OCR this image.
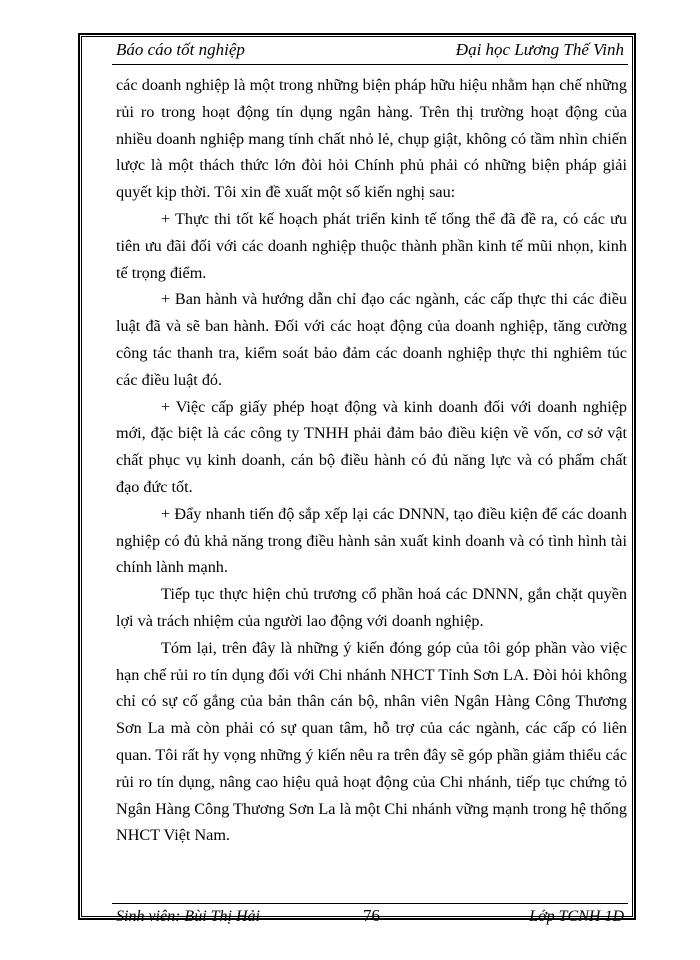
Báo cáo tốt nghiệp	Đại học Lương Thế Vinh

các doanh nghiệp là một trong những biện pháp hữu hiệu nhằm hạn chế những rủi ro trong hoạt động tín dụng ngân hàng. Trên thị trường hoạt động của nhiều doanh nghiệp mang tính chất nhỏ lẻ, chụp giật, không có tầm nhìn chiến lược là một thách thức lớn đòi hỏi Chính phủ phải có những biện pháp giải quyết kịp thời. Tôi xin đề xuất một số kiến nghị sau:

+ Thực thi tốt kế hoạch phát triển kinh tế tổng thể đã đề ra, có các ưu tiên ưu đãi đối với các doanh nghiệp thuộc thành phần kinh tế mũi nhọn, kinh tế trọng điểm.

+ Ban hành và hướng dẫn chỉ đạo các ngành, các cấp thực thi các điều luật đã và sẽ ban hành. Đối với các hoạt động của doanh nghiệp, tăng cường công tác thanh tra, kiểm soát bảo đảm các doanh nghiệp thực thi nghiêm túc các điều luật đó.

+ Việc cấp giấy phép hoạt động và kinh doanh đối với doanh nghiệp mới, đặc biệt là các công ty TNHH phải đảm bảo điều kiện về vốn, cơ sở vật chất phục vụ kinh doanh, cán bộ điều hành có đủ năng lực và có phẩm chất đạo đức tốt.

+ Đẩy nhanh tiến độ sắp xếp lại các DNNN, tạo điều kiện để các doanh nghiệp có đủ khả năng trong điều hành sản xuất kinh doanh và có tình hình tài chính lành mạnh.

Tiếp tục thực hiện chủ trương cổ phần hoá các DNNN, gắn chặt quyền lợi và trách nhiệm của người lao động với doanh nghiệp.

Tóm lại, trên đây là những ý kiến đóng góp của tôi góp phần vào việc hạn chế rủi ro tín dụng đối với Chi nhánh NHCT Tỉnh Sơn LA. Đòi hỏi không chỉ có sự cố gắng của bản thân cán bộ, nhân viên Ngân Hàng Công Thương Sơn La mà còn phải có sự quan tâm, hỗ trợ của các ngành, các cấp có liên quan. Tôi rất hy vọng những ý kiến nêu ra trên đây sẽ góp phần giảm thiểu các rủi ro tín dụng, nâng cao hiệu quả hoạt động của Chi nhánh, tiếp tục chứng tỏ Ngân Hàng Công Thương Sơn La là một Chi nhánh vững mạnh trong hệ thống NHCT Việt Nam.

Sinh viên: Bùi Thị Hải	76	Lớp TCNH 1D
